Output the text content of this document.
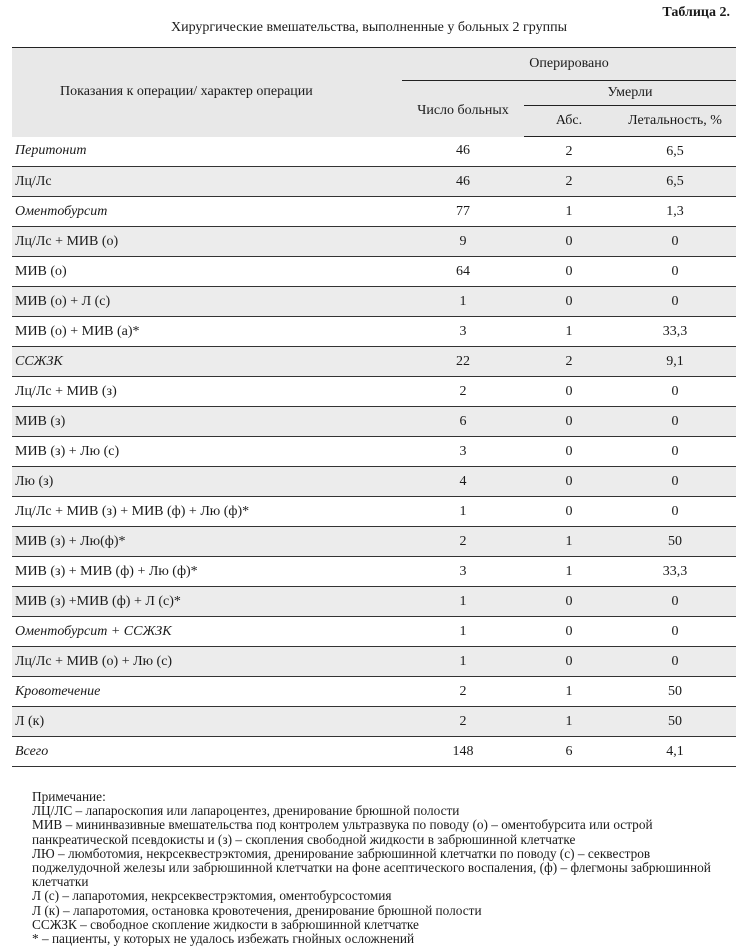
Таблица 2.
Хирургические вмешательства, выполненные у больных 2 группы
Показания к операции/ характер операции	Оперировано		
	Число больных	Умерли	
		Абс.	Летальность, %
Перитонит	46	2	6,5
Лц/Лс	46	2	6,5
Оментобурсит	77	1	1,3
Лц/Лс + МИВ (о)	9	0	0
МИВ (о)	64	0	0
МИВ (о) + Л (с)	1	0	0
МИВ (о) + МИВ (а)*	3	1	33,3
ССЖЗК	22	2	9,1
Лц/Лс + МИВ (з)	2	0	0
МИВ (з)	6	0	0
МИВ (з) + Лю (с)	3	0	0
Лю (з)	4	0	0
Лц/Лс + МИВ (з) + МИВ (ф) + Лю (ф)*	1	0	0
МИВ (з) + Лю(ф)*	2	1	50
МИВ (з) + МИВ (ф) + Лю (ф)*	3	1	33,3
МИВ (з) +МИВ (ф) + Л (с)*	1	0	0
Оментобурсит + ССЖЗК	1	0	0
Лц/Лс + МИВ (о) + Лю (с)	1	0	0
Кровотечение	2	1	50
Л (к)	2	1	50
Всего	148	6	4,1
Примечание:
ЛЦ/ЛС – лапароскопия или лапароцентез, дренирование брюшной полости
МИВ – мининвазивные вмешательства под контролем ультразвука по поводу (о) – оментобурсита или острой панкреатической псевдокисты и (з) – скопления свободной жидкости в забрюшинной клетчатке
ЛЮ – люмботомия, некрсеквестрэктомия, дренирование забрюшинной клетчатки по поводу (с) – секвестров поджелудочной железы или забрюшинной клетчатки на фоне асептического воспаления, (ф) – флегмоны забрюшинной клетчатки
Л (с) – лапаротомия, некрсеквестрэктомия, оментобурсостомия
Л (к) – лапаротомия, остановка кровотечения, дренирование брюшной полости
ССЖЗК – свободное скопление жидкости в забрюшинной клетчатке
* – пациенты, у которых не удалось избежать гнойных осложнений
